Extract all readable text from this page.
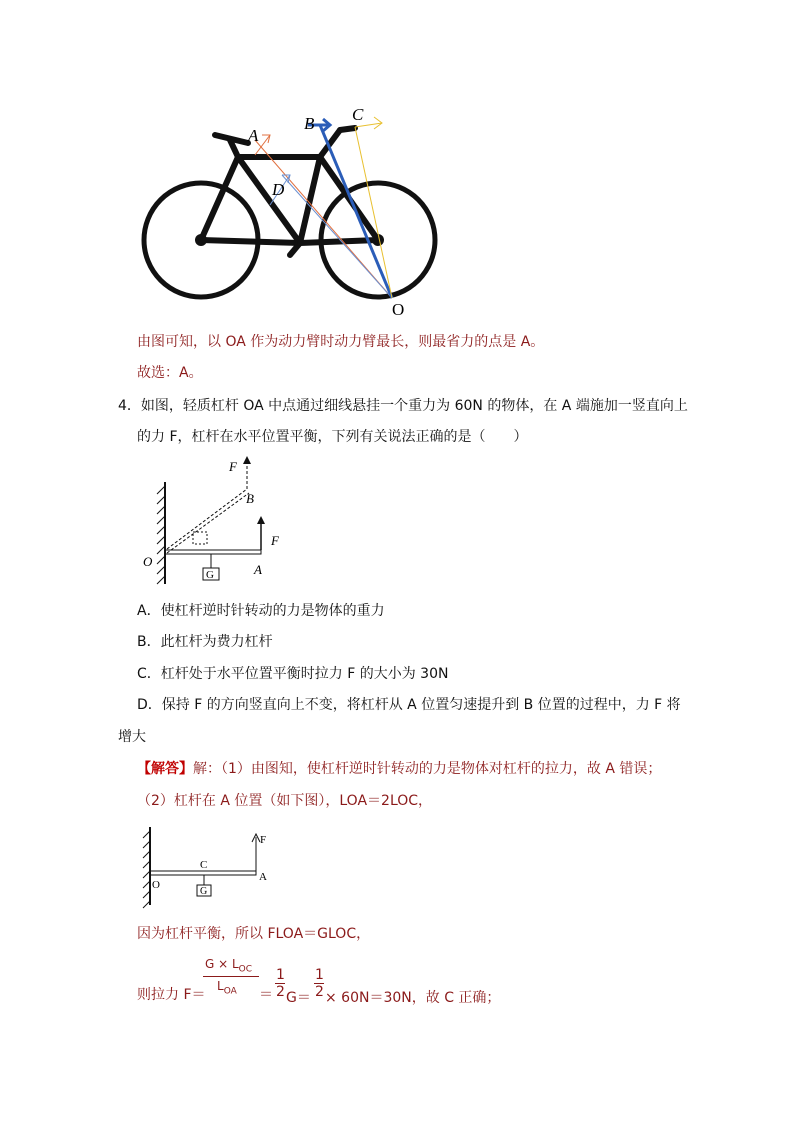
A
B C
D
O
由图可知，以 OA 作为动力臂时动力臂最长，则最省力的点是 A。
故选：A。
4．如图，轻质杠杆 OA 中点通过细线悬挂一个重力为 60N 的物体，在 A 端施加一竖直向上
的力 F，杠杆在水平位置平衡，下列有关说法正确的是（　　）
F
B
F
O
G	A
A．使杠杆逆时针转动的力是物体的重力
B．此杠杆为费力杠杆
C．杠杆处于水平位置平衡时拉力 F 的大小为 30N
D．保持 F 的方向竖直向上不变，将杠杆从 A 位置匀速提升到 B 位置的过程中，力 F 将
增大
【解答】解：（1）由图知，使杠杆逆时针转动的力是物体对杠杆的拉力，故 A 错误；
（2）杠杆在 A 位置（如下图），LOA＝2LOC，
F
C
O
G
A
因为杠杆平衡，所以 FLOA＝GLOC，
则拉力 F＝
$G \times L_{OC}$
$L_{OA}$ ＝
1
2 G＝
1
2 × 60N＝30N，故 C 正确；
